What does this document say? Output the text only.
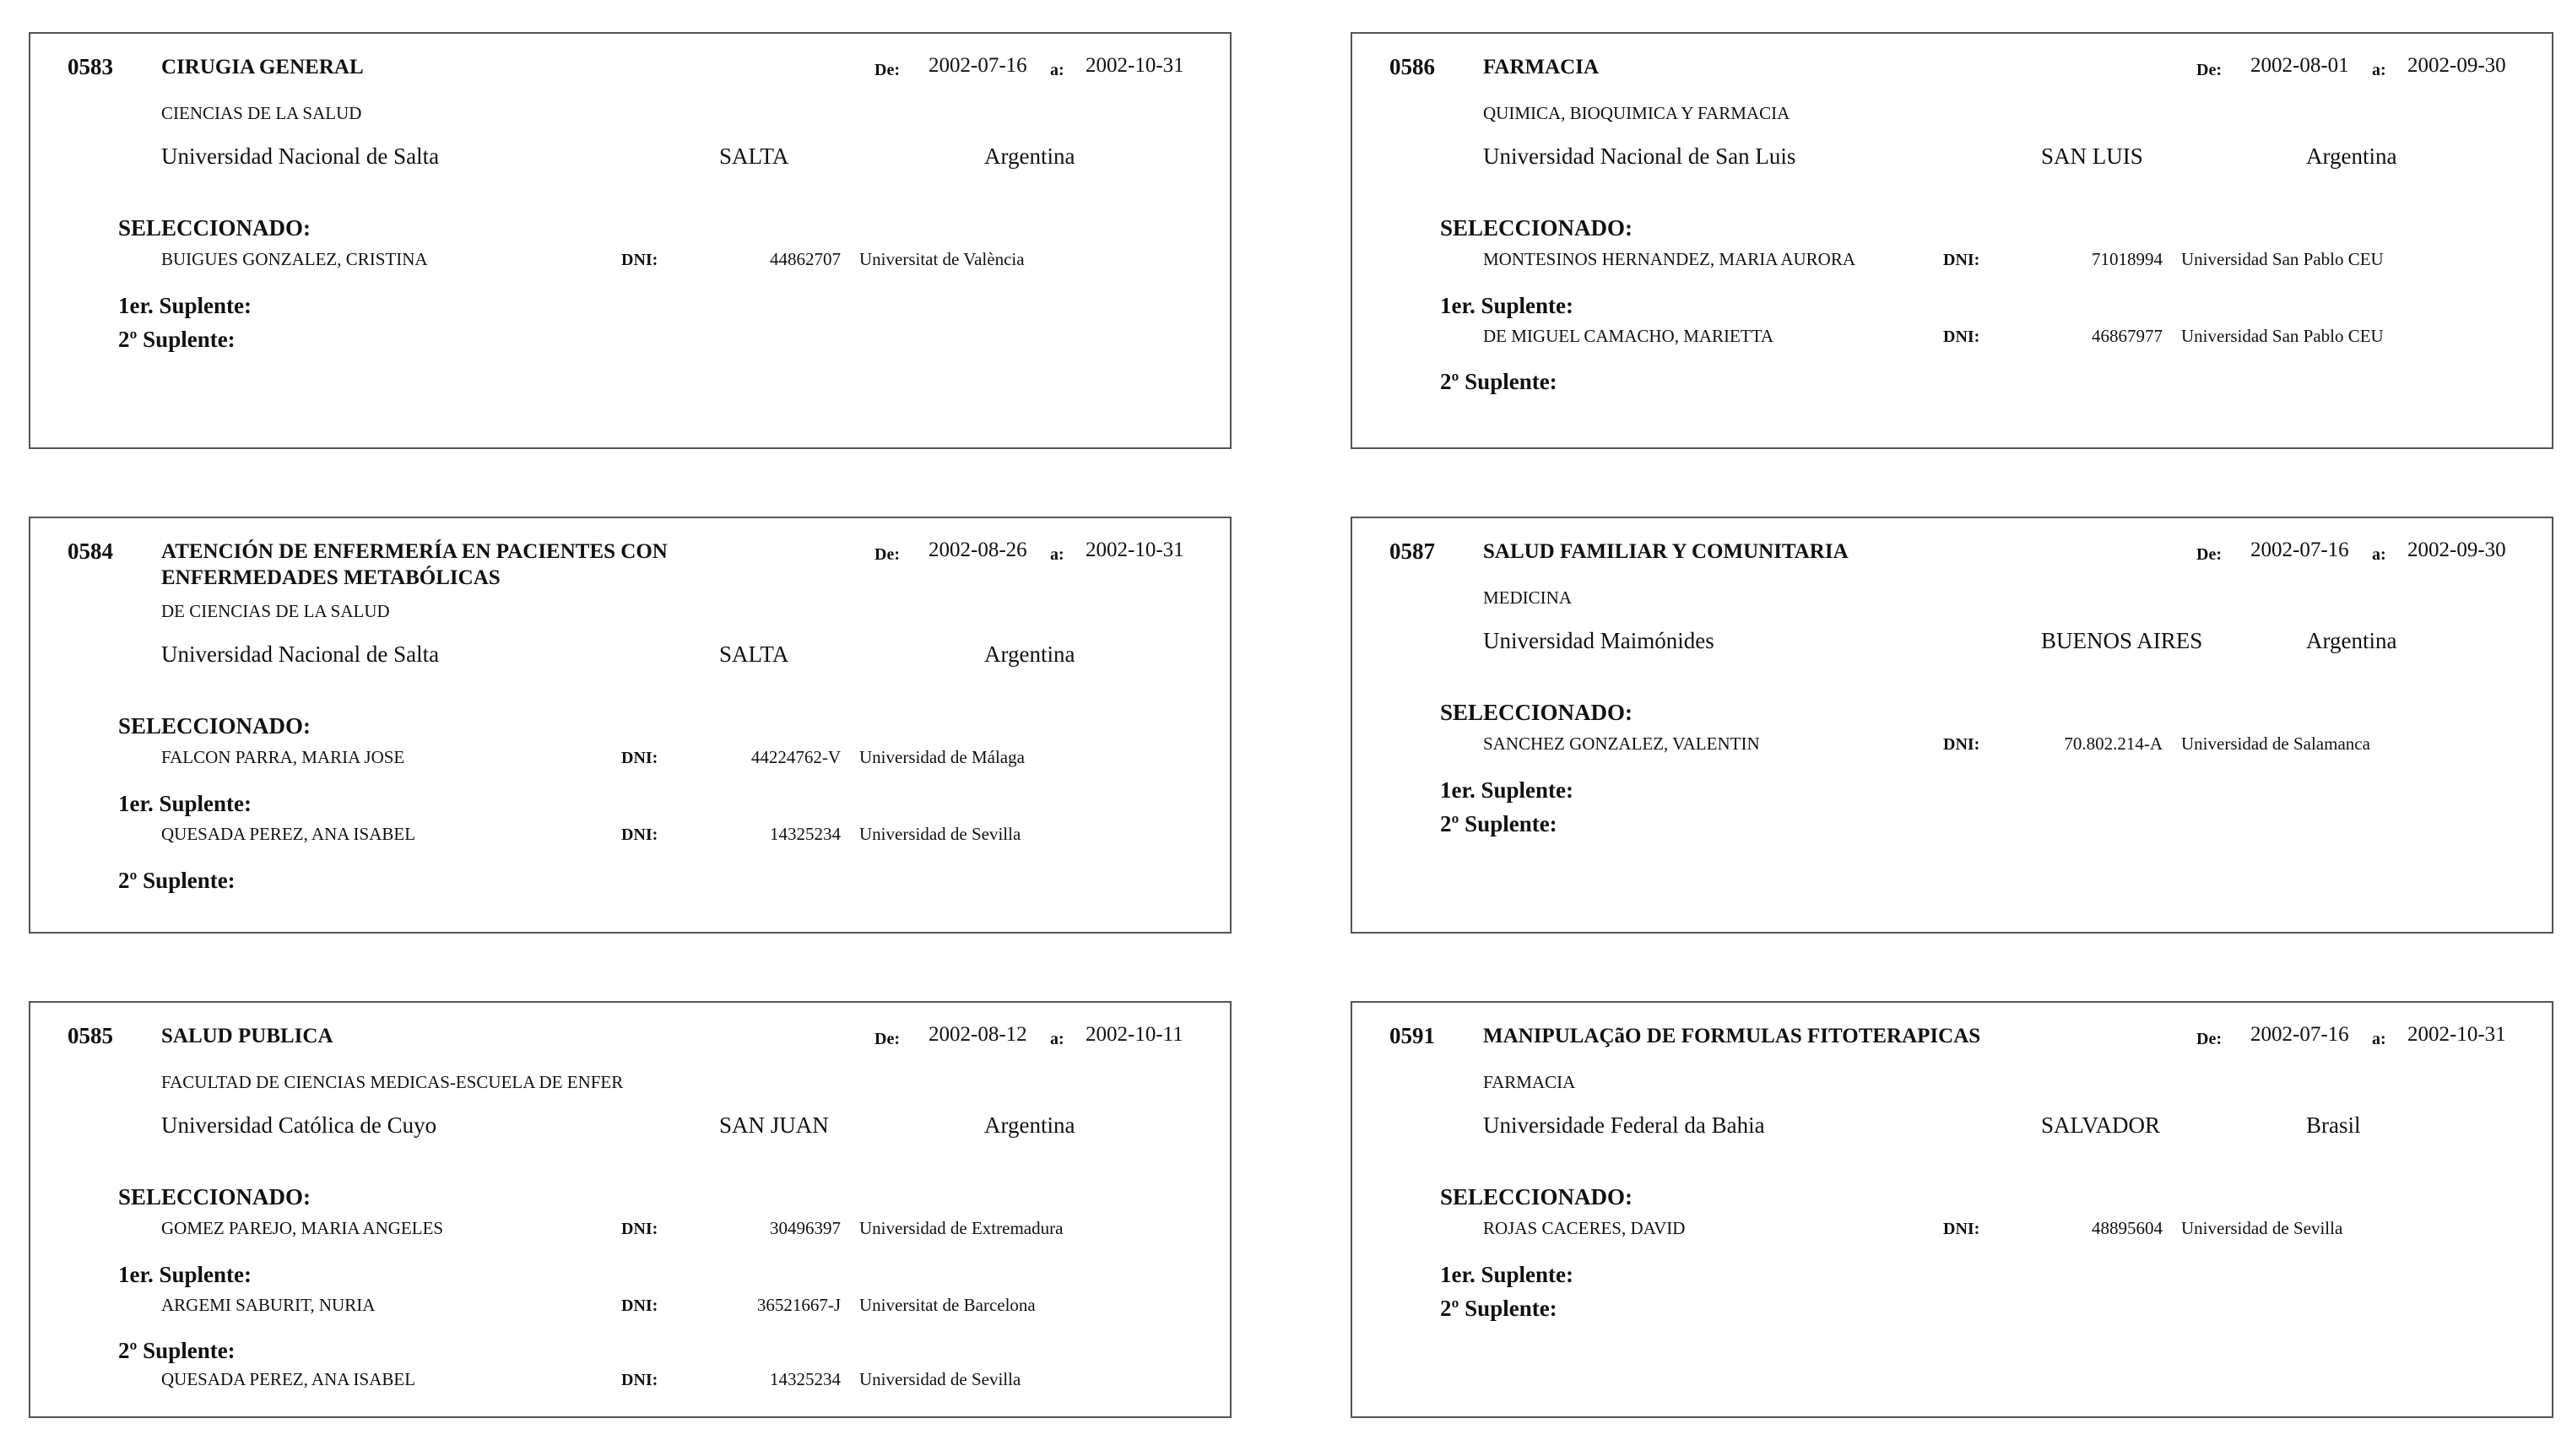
0583 CIRUGIA GENERAL	De: 2002-07-16 a: 2002-10-31
CIENCIAS DE LA SALUD
Universidad Nacional de Salta	SALTA	Argentina
SELECCIONADO:
BUIGUES GONZALEZ, CRISTINA	DNI:	44862707 Universitat de València
1er. Suplente:
2º Suplente:
0584 ATENCIÓN DE ENFERMERÍA EN PACIENTES CON ENFERMEDADES METABÓLICAS
De: 2002-08-26 a: 2002-10-31
DE CIENCIAS DE LA SALUD
Universidad Nacional de Salta	SALTA	Argentina
SELECCIONADO:
FALCON PARRA, MARIA JOSE	DNI:	44224762-V Universidad de Málaga
1er. Suplente:
QUESADA PEREZ, ANA ISABEL	DNI:	14325234 Universidad de Sevilla
2º Suplente:
0585 SALUD PUBLICA	De: 2002-08-12 a: 2002-10-11
FACULTAD DE CIENCIAS MEDICAS-ESCUELA DE ENFER
Universidad Católica de Cuyo	SAN JUAN	Argentina
SELECCIONADO:
GOMEZ PAREJO, MARIA ANGELES	DNI:	30496397 Universidad de Extremadura
1er. Suplente:
ARGEMI SABURIT, NURIA	DNI:	36521667-J Universitat de Barcelona
2º Suplente:
QUESADA PEREZ, ANA ISABEL	DNI:	14325234 Universidad de Sevilla
0586 FARMACIA	De: 2002-08-01 a: 2002-09-30
QUIMICA, BIOQUIMICA Y FARMACIA
Universidad Nacional de San Luis	SAN LUIS	Argentina
SELECCIONADO:
MONTESINOS HERNANDEZ, MARIA AURORA	DNI:	71018994 Universidad San Pablo CEU
1er. Suplente:
DE MIGUEL CAMACHO, MARIETTA	DNI:	46867977 Universidad San Pablo CEU
2º Suplente:
0587 SALUD FAMILIAR Y COMUNITARIA	De: 2002-07-16 a: 2002-09-30
MEDICINA
Universidad Maimónides	BUENOS AIRES	Argentina
SELECCIONADO:
SANCHEZ GONZALEZ, VALENTIN	DNI:	70.802.214-A Universidad de Salamanca
1er. Suplente:
2º Suplente:
0591 MANIPULAÇãO DE FORMULAS FITOTERAPICAS	De: 2002-07-16 a: 2002-10-31
FARMACIA
Universidade Federal da Bahia	SALVADOR	Brasil
SELECCIONADO:
ROJAS CACERES, DAVID	DNI:	48895604 Universidad de Sevilla
1er. Suplente:
2º Suplente:
